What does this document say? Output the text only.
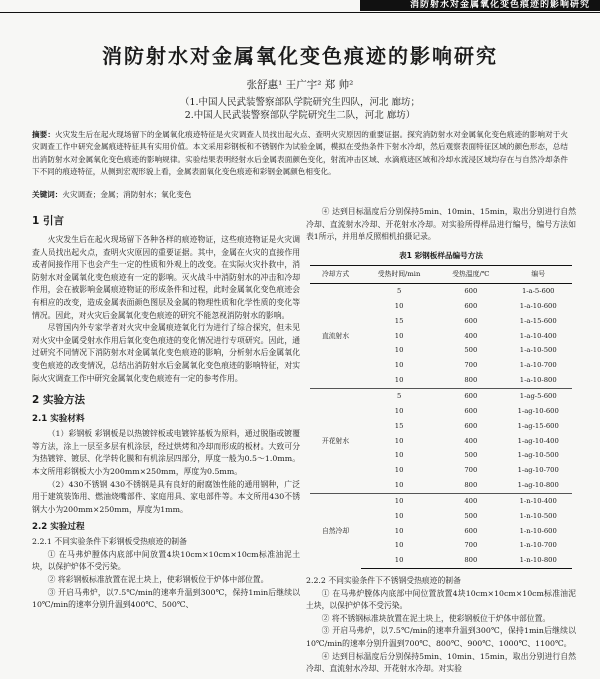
消防射水对金属氧化变色痕迹的影响研究
消防射水对金属氧化变色痕迹的影响研究
张舒惠¹ 王广宇² 郑 帅²
（1.中国人民武装警察部队学院研究生四队，河北 廊坊；
2.中国人民武装警察部队学院研究生二队，河北 廊坊）
摘要：火灾发生后在起火现场留下的金属氧化痕迹特征是火灾调查人员找出起火点、查明火灾原因的重要证据。探究消防射水对金属氧化变色痕迹的影响对于火灾调查工作中研究金属痕迹特征具有实用价值。本文采用彩钢板和不锈钢作为试验金属，模拟在受热条件下射水冷却，然后观察表面特征区域的颜色形态，总结出消防射水对金属氧化变色痕迹的影响规律。实验结果表明经射水后金属表面颜色变化，射流冲击区域、水滴痕迹区域和冷却水流浸区域均存在与自然冷却条件下不同的痕迹特征，从侧到宏观形貌上看，金属表面氧化变色痕迹和彩钢金属颜色相变化。
关键词：火灾调查；金属；消防射水；氧化变色
1 引言

火灾发生后在起火现场留下各种各样的痕迹物证，这些痕迹物证是火灾调查人员找出起火点，查明火灾原因的重要证据。其中，金属在火灾的直接作用或者间接作用下也会产生一定的性质和外观上的改变。在实际火灾扑救中，消防射水对金属氧化变色痕迹有一定的影响。灭火战斗中消防射水的冲击和冷却作用，会在被影响金属痕迹物证的形成条件和过程，此时金属氧化变色痕迹会有相应的改变，造成金属表面颜色图层及金属的物理性质和化学性质的变化等情况。因此，对火灾后金属氧化变色痕迹的研究不能忽视消防射水的影响。

尽管国内外专家学者对火灾中金属痕迹氧化行为进行了综合探究，但未见对火灾中金属受射水作用后氧化变色痕迹的变化情况进行专项研究。因此，通过研究不同情况下消防射水对金属氧化变色痕迹的影响，分析射水后金属氧化变色痕迹的改变情况，总结出消防射水后金属氧化变色痕迹的影响特征，对实际火灾调查工作中研究金属氧化变色痕迹有一定的参考作用。

2 实验方法
2.1 实验材料

（1）彩钢板 彩钢板是以热镀锌板或电镀锌基板为原料，通过脱脂或镀覆等方法，涂上一层至多层有机涂层，经过烘烤和冷却而形成的板材。大致可分为热镀锌、镀层、化学转化膜和有机涂层四部分，厚度一般为0.5～1.0mm。本文所用彩钢板大小为200mm×250mm，厚度为0.5mm。

（2）430不锈钢 430不锈钢是具有良好的耐腐蚀性能的通用钢种，广泛用于建筑装饰用、燃油烧嘴部件、家庭用具、家电部件等。本文所用430不锈钢大小为200mm×250mm，厚度为1mm。

2.2 实验过程
2.2.1 不同实验条件下彩钢板受热痕迹的制备

① 在马弗炉膛体内底部中间放置4块10cm×10cm×10cm标准油泥土块，以保护炉体不受污染。

② 将彩钢板标准放置在泥土块上，使彩钢板位于炉体中部位置。

③ 开启马弗炉，以7.5℃/min的速率升温到300℃，保持1min后继续以10℃/min的速率分别升温到400℃、500℃、

④ 达到目标温度后分别保持5min、10min、15min，取出分别进行自然冷却、直流射水冷却、开花射水冷却。对实验所得样品进行编号，编号方法如表1所示，并用单反照相机拍摄记录。

表1 彩钢板样品编号方法
冷却方式	受热时间/min	受热温度/℃	编号
直流射水	5	600	1-a-5-600
	10	600	1-a-10-600
	15	600	1-a-15-600
	10	400	1-a-10-400
	10	500	1-a-10-500
	10	700	1-a-10-700
	10	800	1-a-10-800
开花射水	5	600	1-ag-5-600
	10	600	1-ag-10-600
	15	600	1-ag-15-600
	10	400	1-ag-10-400
	10	500	1-ag-10-500
	10	700	1-ag-10-700
	10	800	1-ag-10-800
自然冷却	10	400	1-n-10-400
	10	500	1-n-10-500
	10	600	1-n-10-600
	10	700	1-n-10-700
	10	800	1-n-10-800
2.2.2 不同实验条件下不锈钢受热痕迹的制备

① 在马弗炉膛体内底部中间位置放置4块10cm×10cm×10cm标准油泥土块，以保护炉体不受污染。

② 将不锈钢标准块放置在泥土块上，使彩钢板位于炉体中部位置。

③ 开启马弗炉，以7.5℃/min的速率升温到300℃，保持1min后继续以10℃/min的速率分别升温到700℃、800℃、900℃、1000℃、1100℃。

④ 达到目标温度后分别保持5min、10min、15min，取出分别进行自然冷却、直流射水冷却、开花射水冷却。对实验
